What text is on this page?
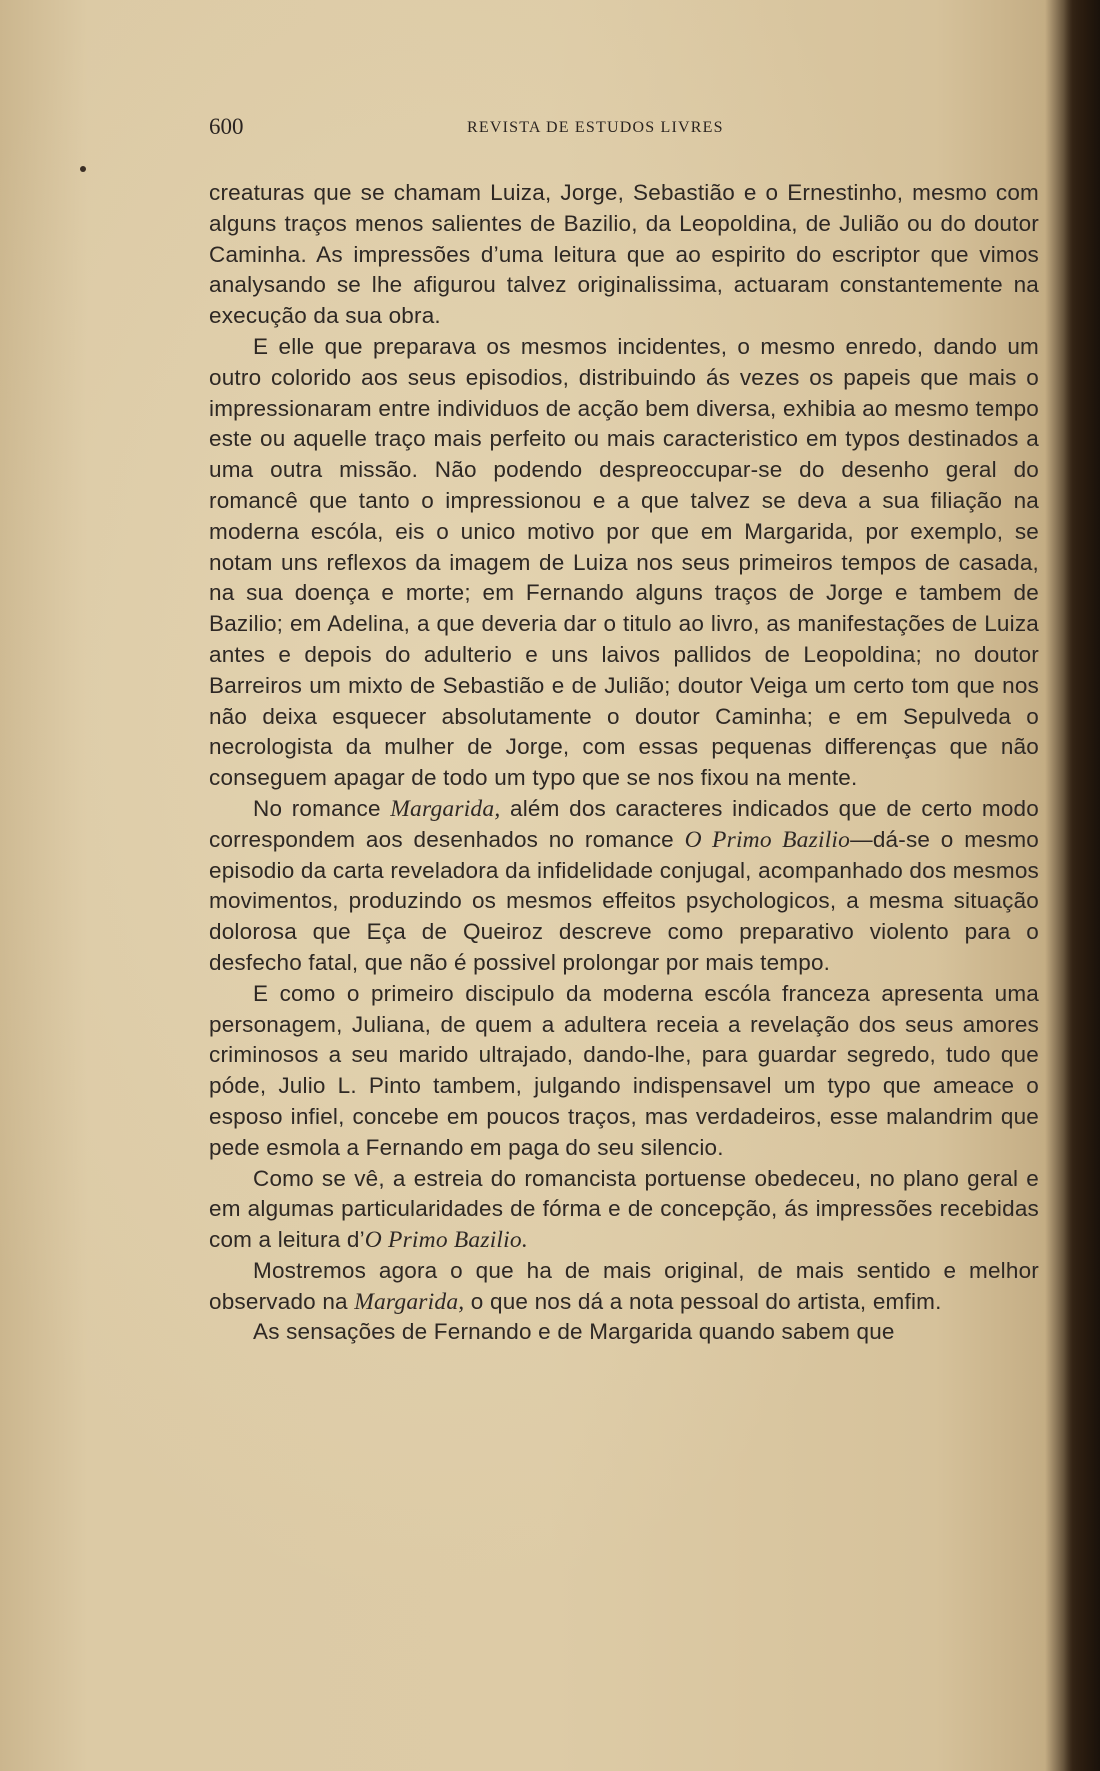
600	REVISTA DE ESTUDOS LIVRES

creaturas que se chamam Luiza, Jorge, Sebastião e o Ernestinho, mesmo com alguns traços menos salientes de Bazilio, da Leopoldina, de Julião ou do doutor Caminha. As impressões d’uma leitura que ao espirito do escriptor que vimos analysando se lhe afigurou talvez originalissima, actuaram constantemente na execução da sua obra.

E elle que preparava os mesmos incidentes, o mesmo enredo, dando um outro colorido aos seus episodios, distribuindo ás vezes os papeis que mais o impressionaram entre individuos de acção bem diversa, exhibia ao mesmo tempo este ou aquelle traço mais perfeito ou mais caracteristico em typos destinados a uma outra missão. Não podendo despreoccupar-se do desenho geral do romancê que tanto o impressionou e a que talvez se deva a sua filiação na moderna escóla, eis o unico motivo por que em Margarida, por exemplo, se notam uns reflexos da imagem de Luiza nos seus primeiros tempos de casada, na sua doença e morte; em Fernando alguns traços de Jorge e tambem de Bazilio; em Adelina, a que deveria dar o titulo ao livro, as manifestações de Luiza antes e depois do adulterio e uns laivos pallidos de Leopoldina; no doutor Barreiros um mixto de Sebastião e de Julião; doutor Veiga um certo tom que nos não deixa esquecer absolutamente o doutor Caminha; e em Sepulveda o necrologista da mulher de Jorge, com essas pequenas differenças que não conseguem apagar de todo um typo que se nos fixou na mente.

No romance Margarida, além dos caracteres indicados que de certo modo correspondem aos desenhados no romance O Primo Bazilio—dá-se o mesmo episodio da carta reveladora da infidelidade conjugal, acompanhado dos mesmos movimentos, produzindo os mesmos effeitos psychologicos, a mesma situação dolorosa que Eça de Queiroz descreve como preparativo violento para o desfecho fatal, que não é possivel prolongar por mais tempo.

E como o primeiro discipulo da moderna escóla franceza apresenta uma personagem, Juliana, de quem a adultera receia a revelação dos seus amores criminosos a seu marido ultrajado, dando-lhe, para guardar segredo, tudo que póde, Julio L. Pinto tambem, julgando indispensavel um typo que ameace o esposo infiel, concebe em poucos traços, mas verdadeiros, esse malandrim que pede esmola a Fernando em paga do seu silencio.

Como se vê, a estreia do romancista portuense obedeceu, no plano geral e em algumas particularidades de fórma e de concepção, ás impressões recebidas com a leitura d’O Primo Bazilio.

Mostremos agora o que ha de mais original, de mais sentido e melhor observado na Margarida, o que nos dá a nota pessoal do artista, emfim.

As sensações de Fernando e de Margarida quando sabem que
